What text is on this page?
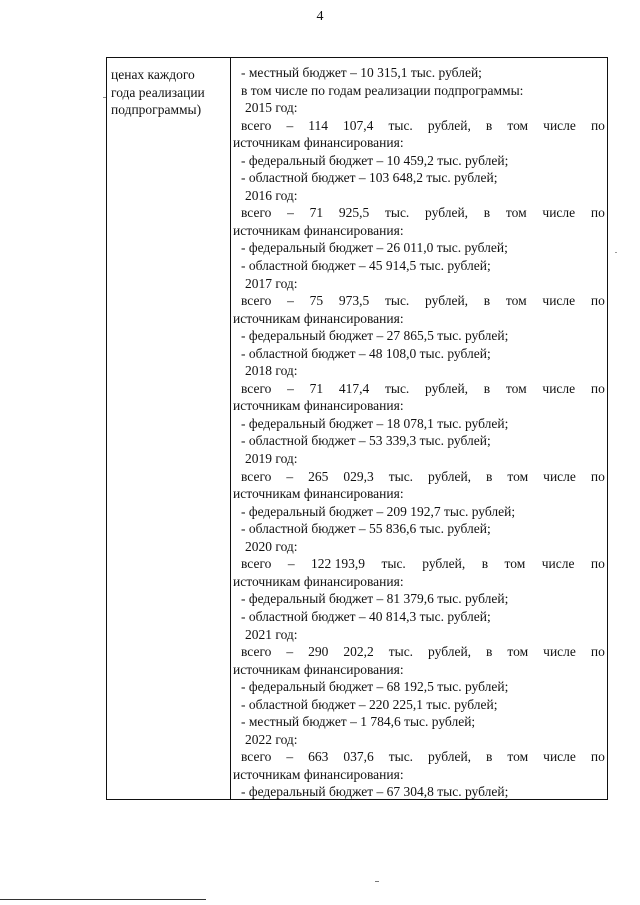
4
ценах каждого
года реализации
подпрограммы)
- местный бюджет – 10 315,1 тыс. рублей;
в том числе по годам реализации подпрограммы:
2015 год:
всего – 114 107,4 тыс. рублей, в том числе по
источникам финансирования:
- федеральный бюджет – 10 459,2 тыс. рублей;
- областной бюджет – 103 648,2 тыс. рублей;
2016 год:
всего – 71 925,5 тыс. рублей, в том числе по
источникам финансирования:
- федеральный бюджет – 26 011,0 тыс. рублей;
- областной бюджет – 45 914,5 тыс. рублей;
2017 год:
всего – 75 973,5 тыс. рублей, в том числе по
источникам финансирования:
- федеральный бюджет – 27 865,5 тыс. рублей;
- областной бюджет – 48 108,0 тыс. рублей;
2018 год:
всего – 71 417,4 тыс. рублей, в том числе по
источникам финансирования:
- федеральный бюджет – 18 078,1 тыс. рублей;
- областной бюджет – 53 339,3 тыс. рублей;
2019 год:
всего – 265 029,3 тыс. рублей, в том числе по
источникам финансирования:
- федеральный бюджет – 209 192,7 тыс. рублей;
- областной бюджет – 55 836,6 тыс. рублей;
2020 год:
всего – 122 193,9 тыс. рублей, в том числе по
источникам финансирования:
- федеральный бюджет – 81 379,6 тыс. рублей;
- областной бюджет – 40 814,3 тыс. рублей;
2021 год:
всего – 290 202,2 тыс. рублей, в том числе по
источникам финансирования:
- федеральный бюджет – 68 192,5 тыс. рублей;
- областной бюджет – 220 225,1 тыс. рублей;
- местный бюджет – 1 784,6 тыс. рублей;
2022 год:
всего – 663 037,6 тыс. рублей, в том числе по
источникам финансирования:
- федеральный бюджет – 67 304,8 тыс. рублей;
